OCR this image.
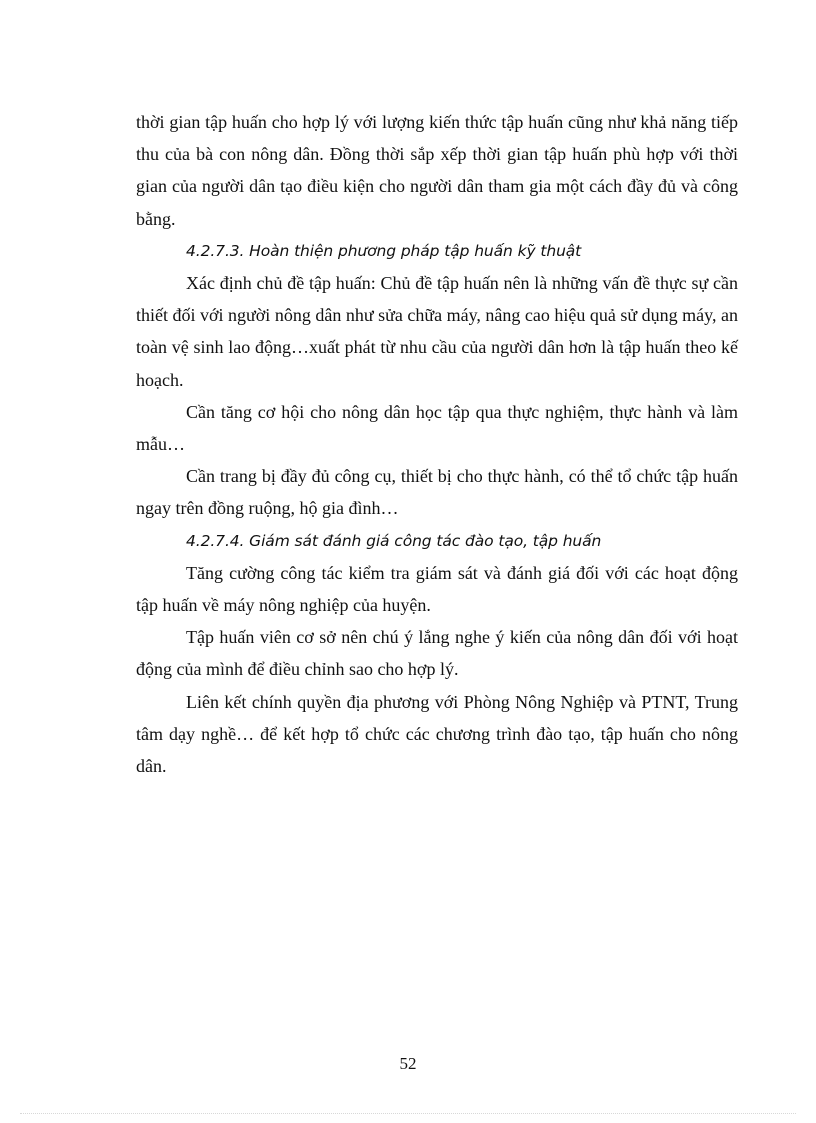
thời gian tập huấn cho hợp lý với lượng kiến thức tập huấn cũng như khả năng tiếp thu của bà con nông dân. Đồng thời sắp xếp thời gian tập huấn phù hợp với thời gian của người dân tạo điều kiện cho người dân tham gia một cách đầy đủ và công bằng.

4.2.7.3. Hoàn thiện phương pháp tập huấn kỹ thuật

Xác định chủ đề tập huấn: Chủ đề tập huấn nên là những vấn đề thực sự cần thiết đối với người nông dân như sửa chữa máy, nâng cao hiệu quả sử dụng máy, an toàn vệ sinh lao động…xuất phát từ nhu cầu của người dân hơn là tập huấn theo kế hoạch.

Cần tăng cơ hội cho nông dân học tập qua thực nghiệm, thực hành và làm mẫu…

Cần trang bị đầy đủ công cụ, thiết bị cho thực hành, có thể tổ chức tập huấn ngay trên đồng ruộng, hộ gia đình…

4.2.7.4. Giám sát đánh giá công tác đào tạo, tập huấn

Tăng cường công tác kiểm tra giám sát và đánh giá đối với các hoạt động tập huấn về máy nông nghiệp của huyện.

Tập huấn viên cơ sở nên chú ý lắng nghe ý kiến của nông dân đối với hoạt động của mình để điều chỉnh sao cho hợp lý.

Liên kết chính quyền địa phương với Phòng Nông Nghiệp và PTNT, Trung tâm dạy nghề… để kết hợp tổ chức các chương trình đào tạo, tập huấn cho nông dân.

52
